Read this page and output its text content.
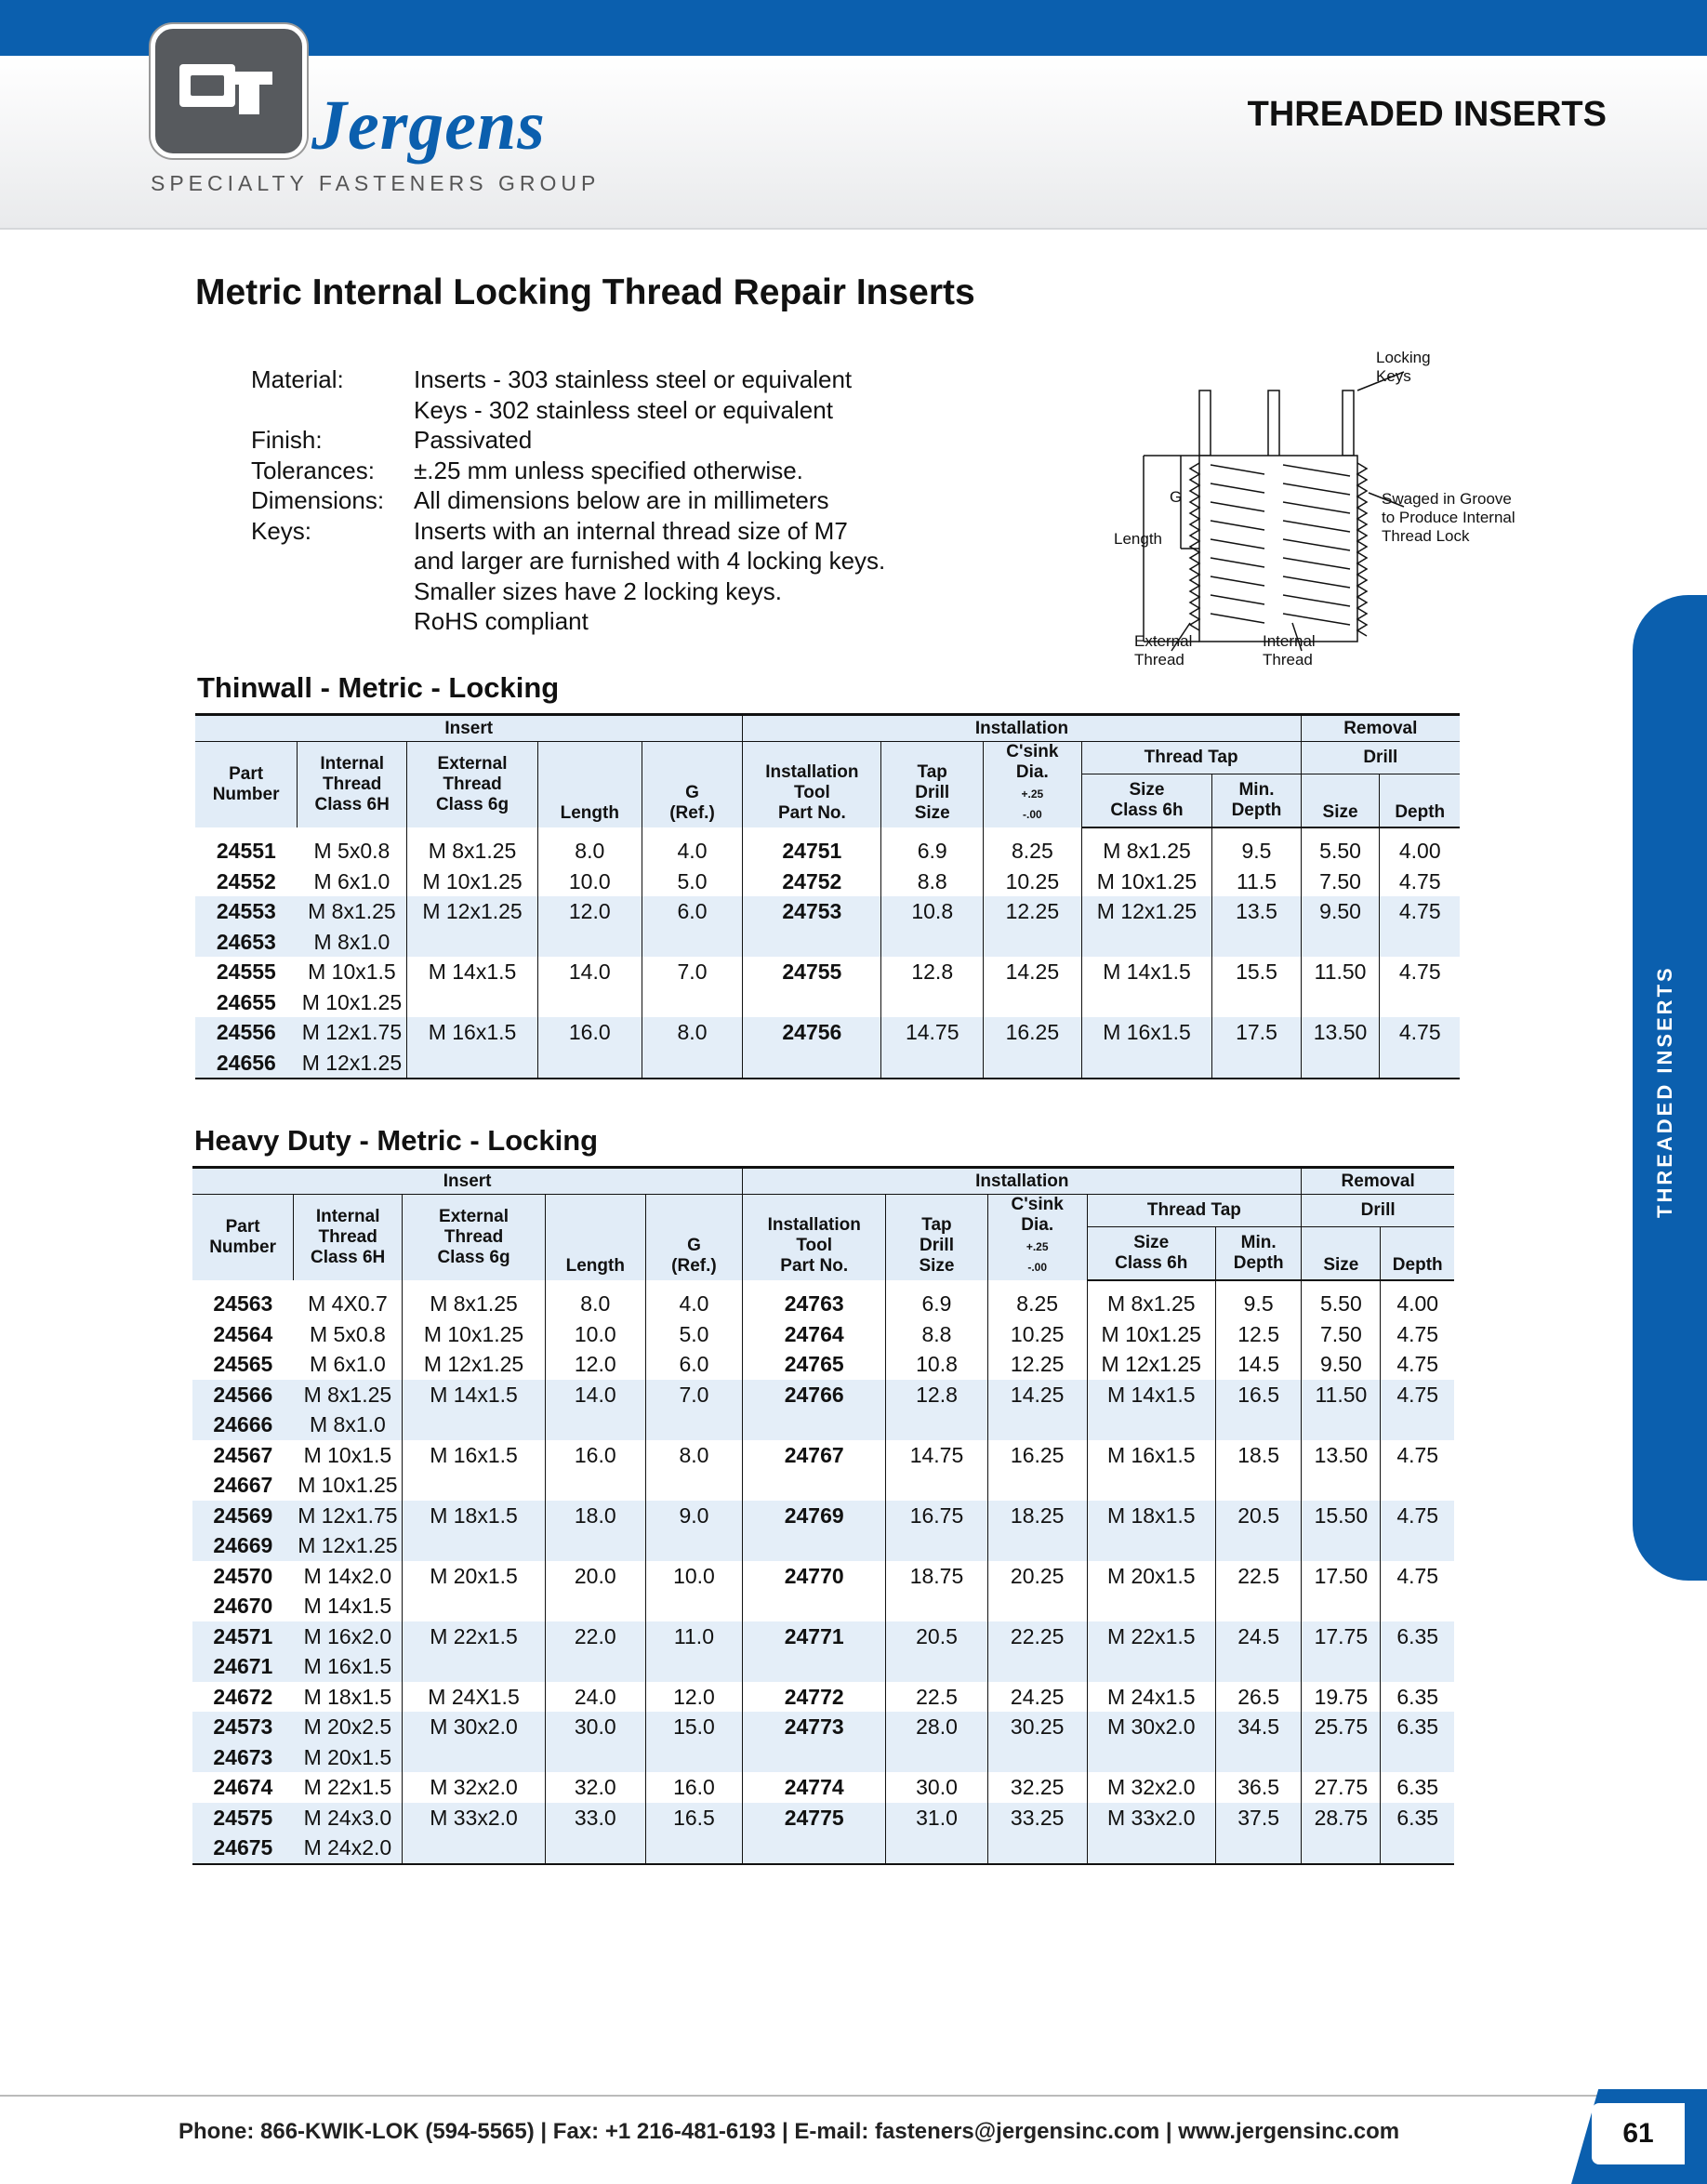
Jergens
SPECIALTY FASTENERS GROUP
THREADED INSERTS
THREADED INSERTS
Metric Internal Locking Thread Repair Inserts
Material:	Inserts - 303 stainless steel or equivalent
Keys - 302 stainless steel or equivalent
Finish:	Passivated
Tolerances:	±.25 mm unless specified otherwise.
Dimensions:	All dimensions below are in millimeters
Keys:	Inserts with an internal thread size of M7
and larger are furnished with 4 locking keys.
Smaller sizes have 2 locking keys.
RoHS compliant
Locking
Keys
Swaged in Groove
to Produce Internal
Thread Lock
Length
G
External
Thread
Internal
Thread
Thinwall - Metric - Locking
Insert					Installation					Removal	
Part
Number	Internal
Thread
Class 6H	External
Thread
Class 6g	Length	G
(Ref.)	Installation
Tool
Part No.	Tap
Drill
Size	C'sink
Dia.
+.25
-.00	Thread Tap		Drill	
								Size
Class 6h	Min.
Depth	Size	Depth
24551	M 5x0.8	M 8x1.25	8.0	4.0	24751	6.9	8.25	M 8x1.25	9.5	5.50	4.00
24552	M 6x1.0	M 10x1.25	10.0	5.0	24752	8.8	10.25	M 10x1.25	11.5	7.50	4.75
24553	M 8x1.25	M 12x1.25	12.0	6.0	24753	10.8	12.25	M 12x1.25	13.5	9.50	4.75
24653	M 8x1.0										
24555	M 10x1.5	M 14x1.5	14.0	7.0	24755	12.8	14.25	M 14x1.5	15.5	11.50	4.75
24655	M 10x1.25										
24556	M 12x1.75	M 16x1.5	16.0	8.0	24756	14.75	16.25	M 16x1.5	17.5	13.50	4.75
24656	M 12x1.25										
Heavy Duty - Metric - Locking
Insert					Installation					Removal	
Part
Number	Internal
Thread
Class 6H	External
Thread
Class 6g	Length	G
(Ref.)	Installation
Tool
Part No.	Tap
Drill
Size	C'sink
Dia.
+.25
-.00	Thread Tap		Drill	
								Size
Class 6h	Min.
Depth	Size	Depth
24563	M 4X0.7	M 8x1.25	8.0	4.0	24763	6.9	8.25	M 8x1.25	9.5	5.50	4.00
24564	M 5x0.8	M 10x1.25	10.0	5.0	24764	8.8	10.25	M 10x1.25	12.5	7.50	4.75
24565	M 6x1.0	M 12x1.25	12.0	6.0	24765	10.8	12.25	M 12x1.25	14.5	9.50	4.75
24566	M 8x1.25	M 14x1.5	14.0	7.0	24766	12.8	14.25	M 14x1.5	16.5	11.50	4.75
24666	M 8x1.0										
24567	M 10x1.5	M 16x1.5	16.0	8.0	24767	14.75	16.25	M 16x1.5	18.5	13.50	4.75
24667	M 10x1.25										
24569	M 12x1.75	M 18x1.5	18.0	9.0	24769	16.75	18.25	M 18x1.5	20.5	15.50	4.75
24669	M 12x1.25										
24570	M 14x2.0	M 20x1.5	20.0	10.0	24770	18.75	20.25	M 20x1.5	22.5	17.50	4.75
24670	M 14x1.5										
24571	M 16x2.0	M 22x1.5	22.0	11.0	24771	20.5	22.25	M 22x1.5	24.5	17.75	6.35
24671	M 16x1.5										
24672	M 18x1.5	M 24X1.5	24.0	12.0	24772	22.5	24.25	M 24x1.5	26.5	19.75	6.35
24573	M 20x2.5	M 30x2.0	30.0	15.0	24773	28.0	30.25	M 30x2.0	34.5	25.75	6.35
24673	M 20x1.5										
24674	M 22x1.5	M 32x2.0	32.0	16.0	24774	30.0	32.25	M 32x2.0	36.5	27.75	6.35
24575	M 24x3.0	M 33x2.0	33.0	16.5	24775	31.0	33.25	M 33x2.0	37.5	28.75	6.35
24675	M 24x2.0										
Phone: 866-KWIK-LOK (594-5565) | Fax: +1 216-481-6193 | E-mail: fasteners@jergensinc.com | www.jergensinc.com	61
